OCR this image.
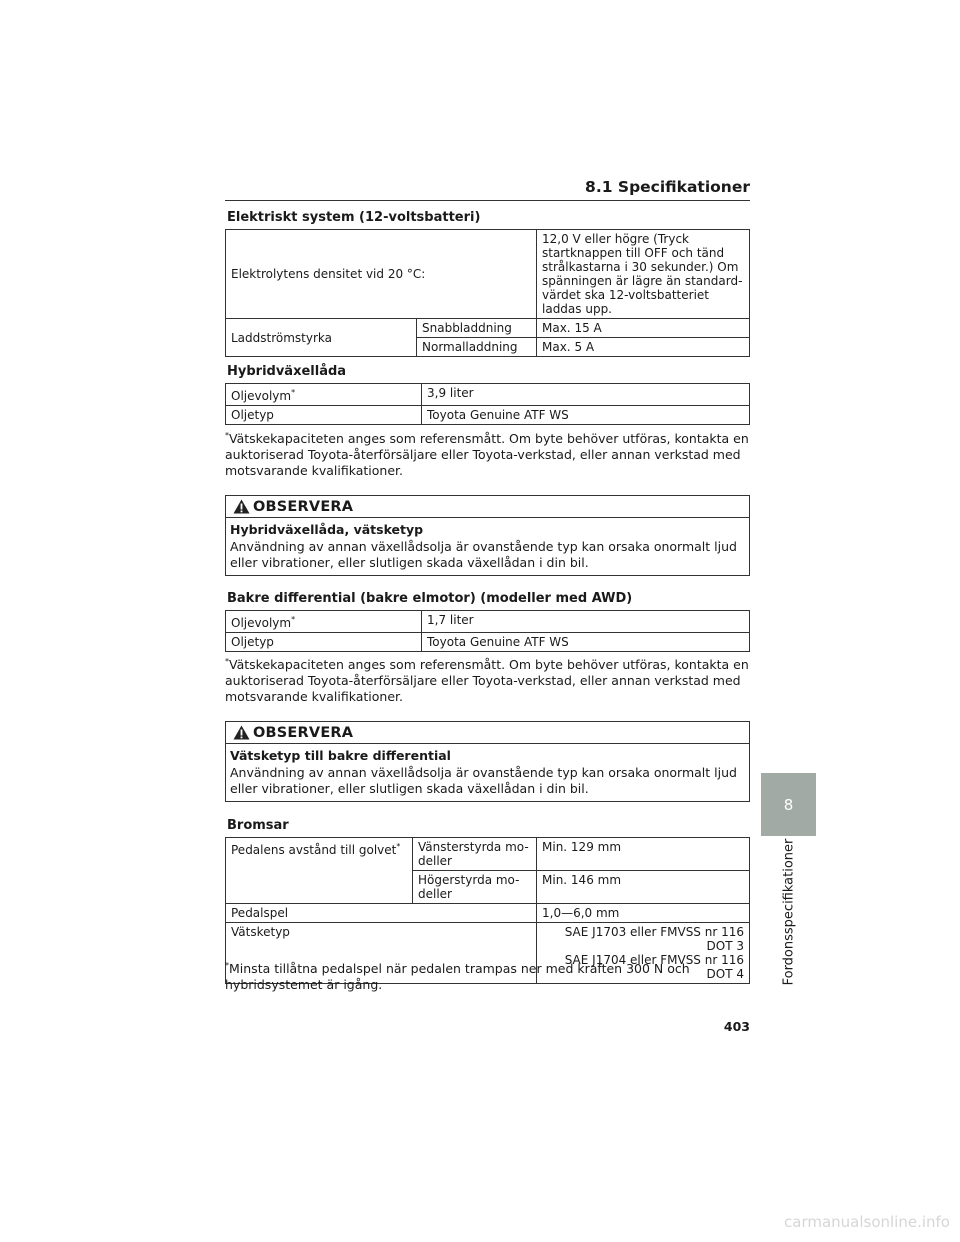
8.1 Specifikationer
Elektriskt system (12-voltsbatteri)
Elektrolytens densitet vid 20 °C:		12,0 V eller högre (Tryck startknappen till OFF och tänd strålkastarna i 30 sekunder.) Om spänningen är lägre än standard-värdet ska 12-voltsbatteriet laddas upp.
Laddströmstyrka	Snabbladdning	Max. 15 A
	Normalladdning	Max. 5 A
Hybridväxellåda
Oljevolym*	3,9 liter
Oljetyp	Toyota Genuine ATF WS
*Vätskekapaciteten anges som referensmått. Om byte behöver utföras, kontakta en auktoriserad Toyota-återförsäljare eller Toyota-verkstad, eller annan verkstad med motsvarande kvalifikationer.
OBSERVERA
Hybridväxellåda, vätsketyp
Användning av annan växellådsolja är ovanstående typ kan orsaka onormalt ljud eller vibrationer, eller slutligen skada växellådan i din bil.
Bakre differential (bakre elmotor) (modeller med AWD)
Oljevolym*	1,7 liter
Oljetyp	Toyota Genuine ATF WS
*Vätskekapaciteten anges som referensmått. Om byte behöver utföras, kontakta en auktoriserad Toyota-återförsäljare eller Toyota-verkstad, eller annan verkstad med motsvarande kvalifikationer.
OBSERVERA
Vätsketyp till bakre differential
Användning av annan växellådsolja är ovanstående typ kan orsaka onormalt ljud eller vibrationer, eller slutligen skada växellådan i din bil.
Bromsar
Pedalens avstånd till golvet*	Vänsterstyrda mo-deller	Min. 129 mm
	Högerstyrda mo-deller	Min. 146 mm
Pedalspel		1,0—6,0 mm
Vätsketyp		SAE J1703 eller FMVSS nr 116 DOT 3
SAE J1704 eller FMVSS nr 116 DOT 4
*Minsta tillåtna pedalspel när pedalen trampas ner med kraften 300 N och hybridsystemet är igång.
8
Fordonsspecifikationer
403
carmanualsonline.info
